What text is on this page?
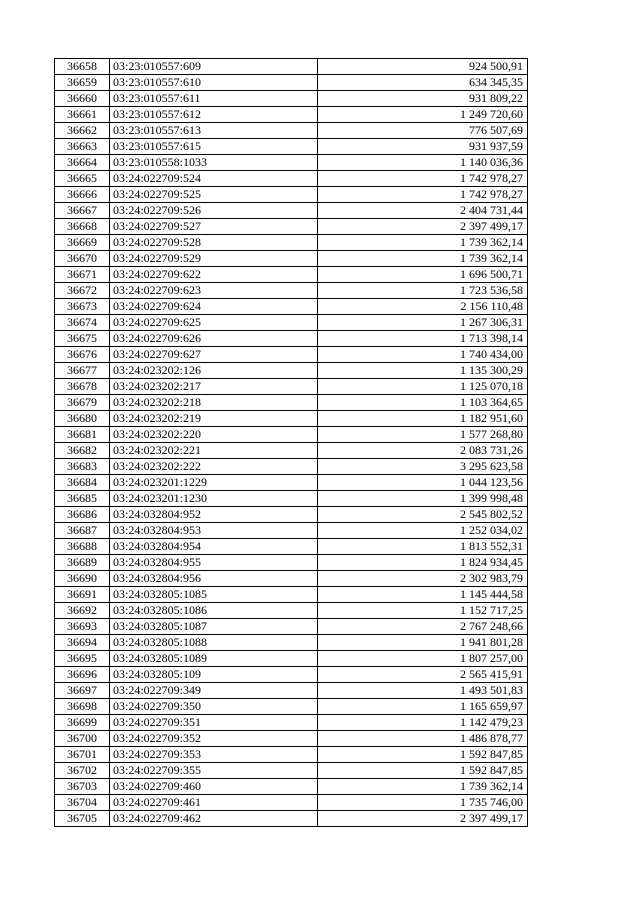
36658	03:23:010557:609	924 500,91
36659	03:23:010557:610	634 345,35
36660	03:23:010557:611	931 809,22
36661	03:23:010557:612	1 249 720,60
36662	03:23:010557:613	776 507,69
36663	03:23:010557:615	931 937,59
36664	03:23:010558:1033	1 140 036,36
36665	03:24:022709:524	1 742 978,27
36666	03:24:022709:525	1 742 978,27
36667	03:24:022709:526	2 404 731,44
36668	03:24:022709:527	2 397 499,17
36669	03:24:022709:528	1 739 362,14
36670	03:24:022709:529	1 739 362,14
36671	03:24:022709:622	1 696 500,71
36672	03:24:022709:623	1 723 536,58
36673	03:24:022709:624	2 156 110,48
36674	03:24:022709:625	1 267 306,31
36675	03:24:022709:626	1 713 398,14
36676	03:24:022709:627	1 740 434,00
36677	03:24:023202:126	1 135 300,29
36678	03:24:023202:217	1 125 070,18
36679	03:24:023202:218	1 103 364,65
36680	03:24:023202:219	1 182 951,60
36681	03:24:023202:220	1 577 268,80
36682	03:24:023202:221	2 083 731,26
36683	03:24:023202:222	3 295 623,58
36684	03:24:023201:1229	1 044 123,56
36685	03:24:023201:1230	1 399 998,48
36686	03:24:032804:952	2 545 802,52
36687	03:24:032804:953	1 252 034,02
36688	03:24:032804:954	1 813 552,31
36689	03:24:032804:955	1 824 934,45
36690	03:24:032804:956	2 302 983,79
36691	03:24:032805:1085	1 145 444,58
36692	03:24:032805:1086	1 152 717,25
36693	03:24:032805:1087	2 767 248,66
36694	03:24:032805:1088	1 941 801,28
36695	03:24:032805:1089	1 807 257,00
36696	03:24:032805:109	2 565 415,91
36697	03:24:022709:349	1 493 501,83
36698	03:24:022709:350	1 165 659,97
36699	03:24:022709:351	1 142 479,23
36700	03:24:022709:352	1 486 878,77
36701	03:24:022709:353	1 592 847,85
36702	03:24:022709:355	1 592 847,85
36703	03:24:022709:460	1 739 362,14
36704	03:24:022709:461	1 735 746,00
36705	03:24:022709:462	2 397 499,17
